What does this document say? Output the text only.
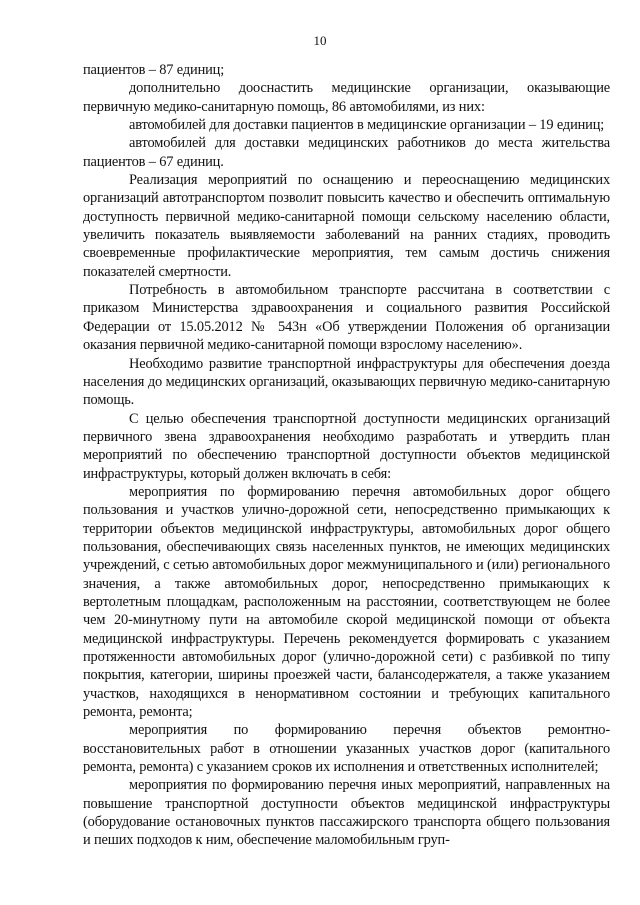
10

пациентов – 87 единиц;

дополнительно дооснастить медицинские организации, оказывающие первичную медико-санитарную помощь, 86 автомобилями, из них:

автомобилей для доставки пациентов в медицинские организации – 19 единиц;

автомобилей для доставки медицинских работников до места жительства пациентов – 67 единиц.

Реализация мероприятий по оснащению и переоснащению медицинских организаций автотранспортом позволит повысить качество и обеспечить оптимальную доступность первичной медико-санитарной помощи сельскому населению области, увеличить показатель выявляемости заболеваний на ранних стадиях, проводить своевременные профилактические мероприятия, тем самым достичь снижения показателей смертности.

Потребность в автомобильном транспорте рассчитана в соответствии с приказом Министерства здравоохранения и социального развития Российской Федерации от 15.05.2012 № 543н «Об утверждении Положения об организации оказания первичной медико-санитарной помощи взрослому населению».

Необходимо развитие транспортной инфраструктуры для обеспечения доезда населения до медицинских организаций, оказывающих первичную медико-санитарную помощь.

С целью обеспечения транспортной доступности медицинских организаций первичного звена здравоохранения необходимо разработать и утвердить план мероприятий по обеспечению транспортной доступности объектов медицинской инфраструктуры, который должен включать в себя:

мероприятия по формированию перечня автомобильных дорог общего пользования и участков улично-дорожной сети, непосредственно примыкающих к территории объектов медицинской инфраструктуры, автомобильных дорог общего пользования, обеспечивающих связь населенных пунктов, не имеющих медицинских учреждений, с сетью автомобильных дорог межмуниципального и (или) регионального значения, а также автомобильных дорог, непосредственно примыкающих к вертолетным площадкам, расположенным на расстоянии, соответствующем не более чем 20-минутному пути на автомобиле скорой медицинской помощи от объекта медицинской инфраструктуры. Перечень рекомендуется формировать с указанием протяженности автомобильных дорог (улично-дорожной сети) с разбивкой по типу покрытия, категории, ширины проезжей части, балансодержателя, а также указанием участков, находящихся в ненормативном состоянии и требующих капитального ремонта, ремонта;

мероприятия по формированию перечня объектов ремонтно-восстановительных работ в отношении указанных участков дорог (капитального ремонта, ремонта) с указанием сроков их исполнения и ответственных исполнителей;

мероприятия по формированию перечня иных мероприятий, направленных на повышение транспортной доступности объектов медицинской инфраструктуры (оборудование остановочных пунктов пассажирского транспорта общего пользования и пеших подходов к ним, обеспечение маломобильным груп-
